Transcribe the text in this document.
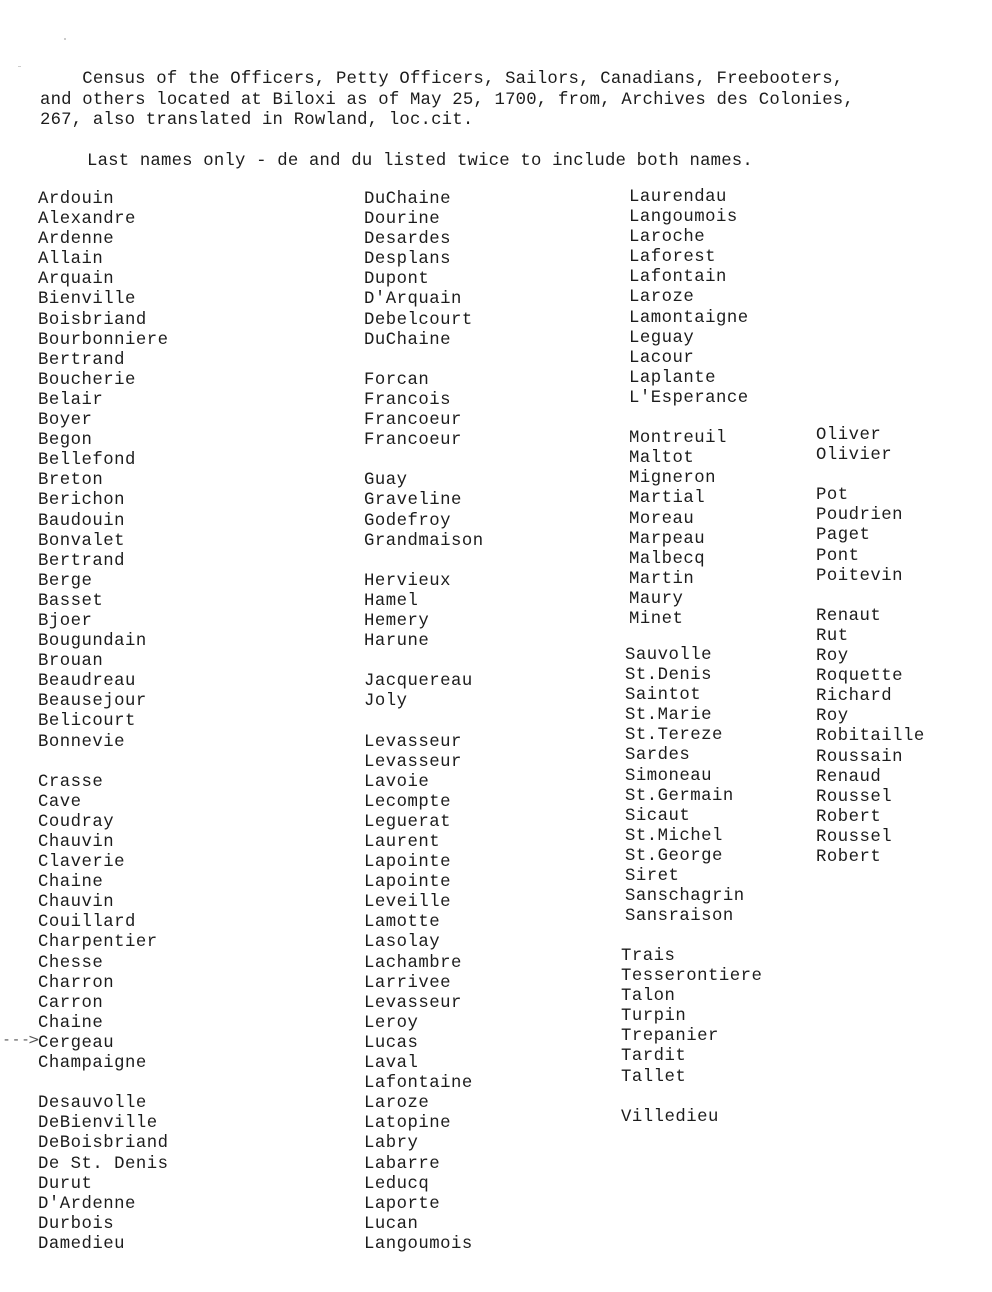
Census of the Officers, Petty Officers, Sailors, Canadians, Freebooters,
and others located at Biloxi as of May 25, 1700, from, Archives des Colonies,
267, also translated in Rowland, loc.cit.
Last names only - de and du listed twice to include both names.
Ardouin
Alexandre
Ardenne
Allain
Arquain
Bienville
Boisbriand
Bourbonniere
Bertrand
Boucherie
Belair
Boyer
Begon
Bellefond
Breton
Berichon
Baudouin
Bonvalet
Bertrand
Berge
Basset
Bjoer
Bougundain
Brouan
Beaudreau
Beausejour
Belicourt
Bonnevie
Crasse
Cave
Coudray
Chauvin
Claverie
Chaine
Chauvin
Couillard
Charpentier
Chesse
Charron
Carron
Chaine
Cergeau
Champaigne
Desauvolle
DeBienville
DeBoisbriand
De St. Denis
Durut
D'Ardenne
Durbois
Damedieu
DuChaine
Dourine
Desardes
Desplans
Dupont
D'Arquain
Debelcourt
DuChaine
Forcan
Francois
Francoeur
Francoeur
Guay
Graveline
Godefroy
Grandmaison
Hervieux
Hamel
Hemery
Harune
Jacquereau
Joly
Levasseur
Levasseur
Lavoie
Lecompte
Leguerat
Laurent
Lapointe
Lapointe
Leveille
Lamotte
Lasolay
Lachambre
Larrivee
Levasseur
Leroy
Lucas
Laval
Lafontaine
Laroze
Latopine
Labry
Labarre
Leducq
Laporte
Lucan
Langoumois
Laurendau
Langoumois
Laroche
Laforest
Lafontain
Laroze
Lamontaigne
Leguay
Lacour
Laplante
L'Esperance
Montreuil
Maltot
Migneron
Martial
Moreau
Marpeau
Malbecq
Martin
Maury
Minet
Sauvolle
St.Denis
Saintot
St.Marie
St.Tereze
Sardes
Simoneau
St.Germain
Sicaut
St.Michel
St.George
Siret
Sanschagrin
Sansraison
Trais
Tesserontiere
Talon
Turpin
Trepanier
Tardit
Tallet
Villedieu
Oliver
Olivier
Pot
Poudrien
Paget
Pont
Poitevin
Renaut
Rut
Roy
Roquette
Richard
Roy
Robitaille
Roussain
Renaud
Roussel
Robert
Roussel
Robert
- - ->
